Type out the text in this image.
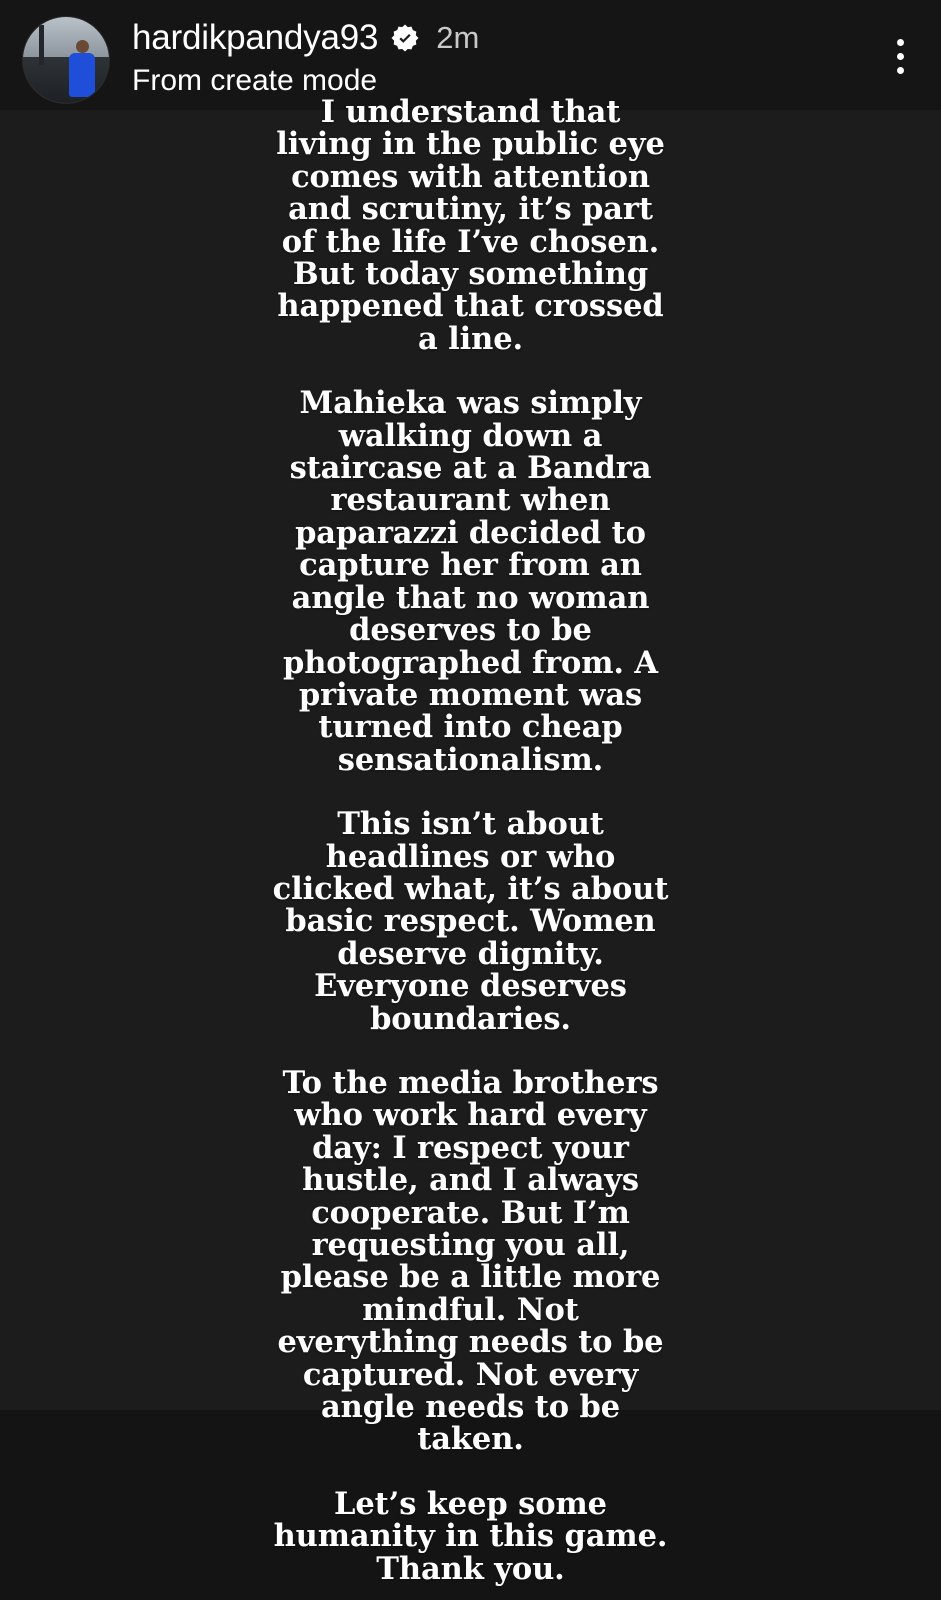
hardikpandya93 2m
From create mode

I understand that living in the public eye comes with attention and scrutiny, it’s part of the life I’ve chosen. But today something happened that crossed a line.

Mahieka was simply walking down a staircase at a Bandra restaurant when paparazzi decided to capture her from an angle that no woman deserves to be photographed from. A private moment was turned into cheap sensationalism.

This isn’t about headlines or who clicked what, it’s about basic respect. Women deserve dignity. Everyone deserves boundaries.

To the media brothers who work hard every day: I respect your hustle, and I always cooperate. But I’m requesting you all, please be a little more mindful. Not everything needs to be captured. Not every angle needs to be taken.

Let’s keep some humanity in this game. Thank you.
